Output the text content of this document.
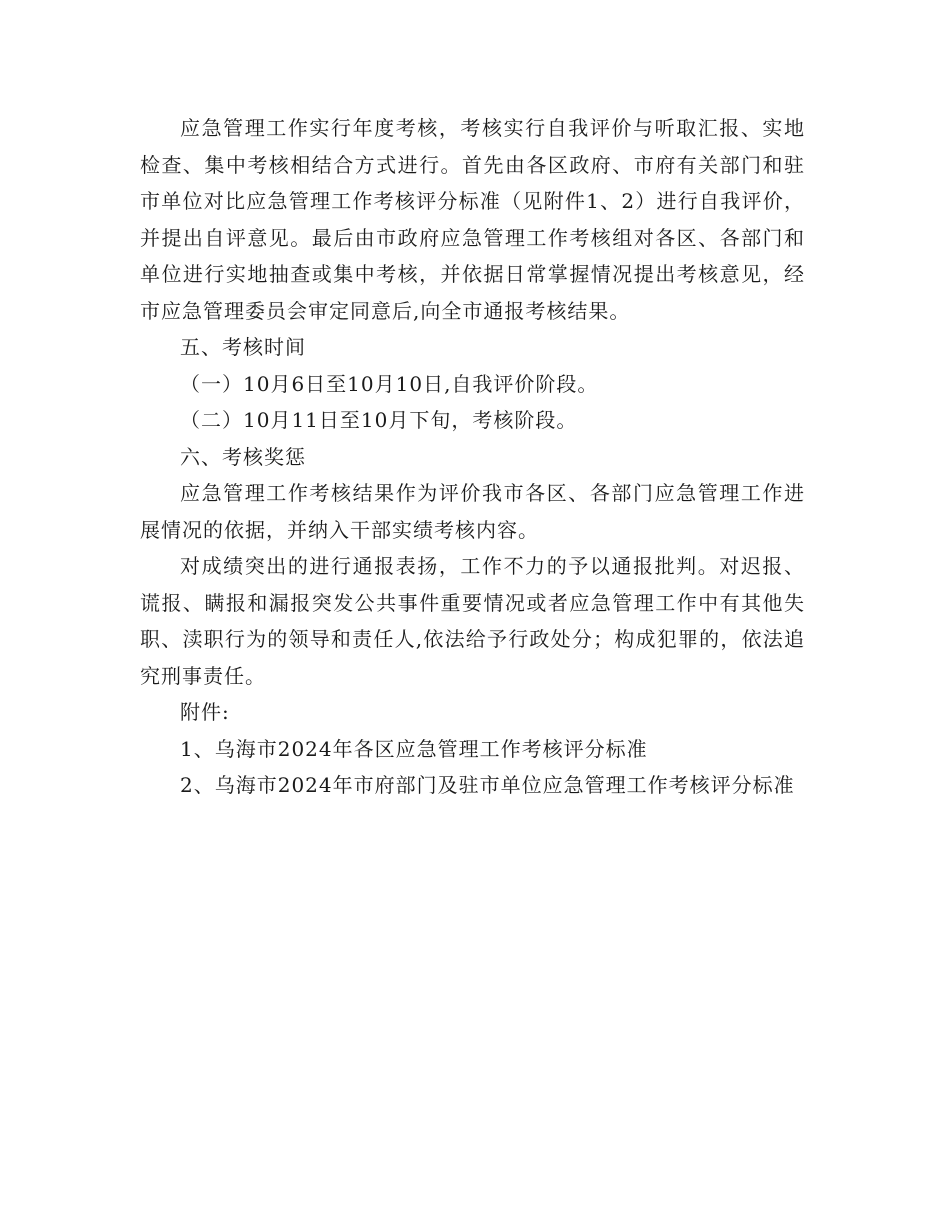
应急管理工作实行年度考核，考核实行自我评价与听取汇报、实地检查、集中考核相结合方式进行。首先由各区政府、市府有关部门和驻市单位对比应急管理工作考核评分标准（见附件1、2）进行自我评价，并提出自评意见。最后由市政府应急管理工作考核组对各区、各部门和单位进行实地抽查或集中考核，并依据日常掌握情况提出考核意见，经市应急管理委员会审定同意后,向全市通报考核结果。

五、考核时间

（一）10月6日至10月10日,自我评价阶段。

（二）10月11日至10月下旬，考核阶段。

六、考核奖惩

应急管理工作考核结果作为评价我市各区、各部门应急管理工作进展情况的依据，并纳入干部实绩考核内容。

对成绩突出的进行通报表扬，工作不力的予以通报批判。对迟报、谎报、瞒报和漏报突发公共事件重要情况或者应急管理工作中有其他失职、渎职行为的领导和责任人,依法给予行政处分；构成犯罪的，依法追究刑事责任。

附件:

1、乌海市2024年各区应急管理工作考核评分标准

2、乌海市2024年市府部门及驻市单位应急管理工作考核评分标准
